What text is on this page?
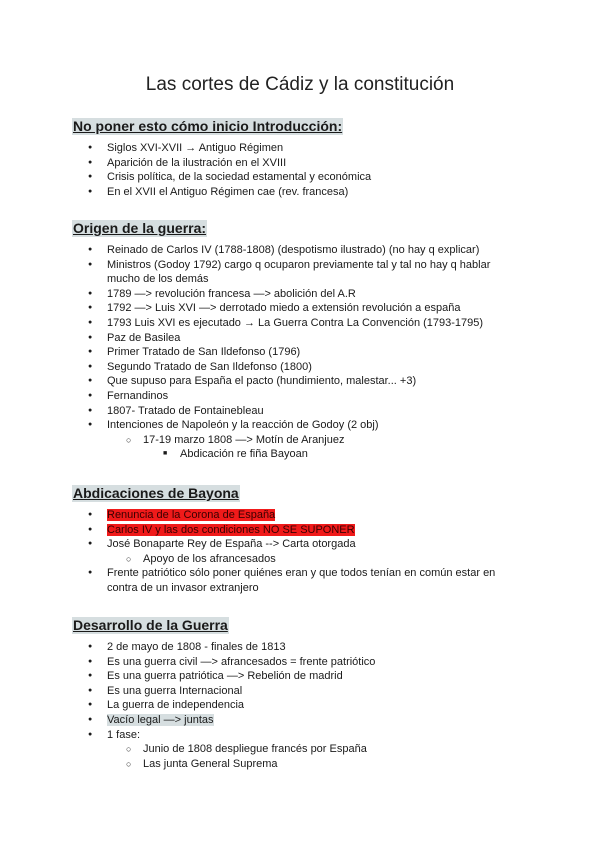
Las cortes de Cádiz y la constitución
No poner esto cómo inicio Introducción:
● Siglos XVI-XVII → Antiguo Régimen
● Aparición de la ilustración en el XVIII
● Crisis política, de la sociedad estamental y económica
● En el XVII el Antiguo Régimen cae (rev. francesa)
Origen de la guerra:
● Reinado de Carlos IV (1788-1808) (despotismo ilustrado) (no hay q explicar)
● Ministros (Godoy 1792) cargo q ocuparon previamente tal y tal no hay q hablar mucho de los demás
● 1789 —> revolución francesa —> abolición del A.R
● 1792 —> Luis XVI —> derrotado miedo a extensión revolución a españa
● 1793 Luis XVI es ejecutado → La Guerra Contra La Convención (1793-1795)
● Paz de Basilea
● Primer Tratado de San Ildefonso (1796)
● Segundo Tratado de San Ildefonso (1800)
● Que supuso para España el pacto (hundimiento, malestar... +3)
● Fernandinos
● 1807- Tratado de Fontainebleau
● Intenciones de Napoleón y la reacción de Godoy (2 obj)
○ 17-19 marzo 1808 —> Motín de Aranjuez
■ Abdicación re fiña Bayoan
Abdicaciones de Bayona
● Renuncia de la Corona de España
● Carlos IV y las dos condiciones NO SE SUPONER
● José Bonaparte Rey de España --> Carta otorgada
○ Apoyo de los afrancesados
● Frente patriótico sólo poner quiénes eran y que todos tenían en común estar en contra de un invasor extranjero
Desarrollo de la Guerra
● 2 de mayo de 1808 - finales de 1813
● Es una guerra civil —> afrancesados = frente patriótico
● Es una guerra patriótica —> Rebelión de madrid
● Es una guerra Internacional
● La guerra de independencia
● Vacío legal —> juntas
● 1 fase:
○ Junio de 1808 despliegue francés por España
○ Las junta General Suprema
